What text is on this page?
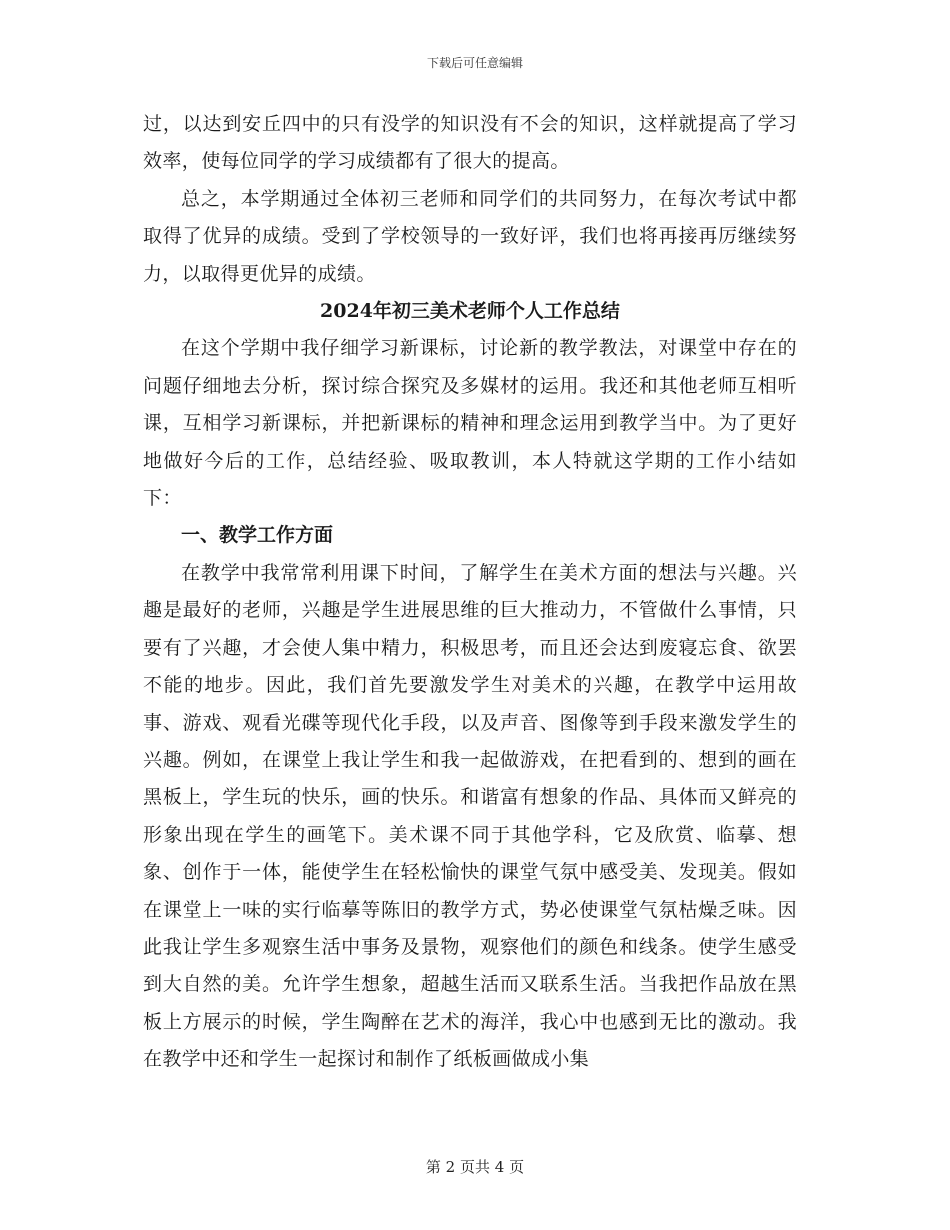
下载后可任意编辑

过，以达到安丘四中的只有没学的知识没有不会的知识，这样就提高了学习效率，使每位同学的学习成绩都有了很大的提高。

总之，本学期通过全体初三老师和同学们的共同努力，在每次考试中都取得了优异的成绩。受到了学校领导的一致好评，我们也将再接再厉继续努力，以取得更优异的成绩。

2024年初三美术老师个人工作总结

在这个学期中我仔细学习新课标，讨论新的教学教法，对课堂中存在的问题仔细地去分析，探讨综合探究及多媒材的运用。我还和其他老师互相听课，互相学习新课标，并把新课标的精神和理念运用到教学当中。为了更好地做好今后的工作，总结经验、吸取教训，本人特就这学期的工作小结如下：

一、教学工作方面

在教学中我常常利用课下时间，了解学生在美术方面的想法与兴趣。兴趣是最好的老师，兴趣是学生进展思维的巨大推动力，不管做什么事情，只要有了兴趣，才会使人集中精力，积极思考，而且还会达到废寝忘食、欲罢不能的地步。因此，我们首先要激发学生对美术的兴趣，在教学中运用故事、游戏、观看光碟等现代化手段，以及声音、图像等到手段来激发学生的兴趣。例如，在课堂上我让学生和我一起做游戏，在把看到的、想到的画在黑板上，学生玩的快乐，画的快乐。和谐富有想象的作品、具体而又鲜亮的形象出现在学生的画笔下。美术课不同于其他学科，它及欣赏、临摹、想象、创作于一体，能使学生在轻松愉快的课堂气氛中感受美、发现美。假如在课堂上一味的实行临摹等陈旧的教学方式，势必使课堂气氛枯燥乏味。因此我让学生多观察生活中事务及景物，观察他们的颜色和线条。使学生感受到大自然的美。允许学生想象，超越生活而又联系生活。当我把作品放在黑板上方展示的时候，学生陶醉在艺术的海洋，我心中也感到无比的激动。我在教学中还和学生一起探讨和制作了纸板画做成小集

第 2 页共 4 页
